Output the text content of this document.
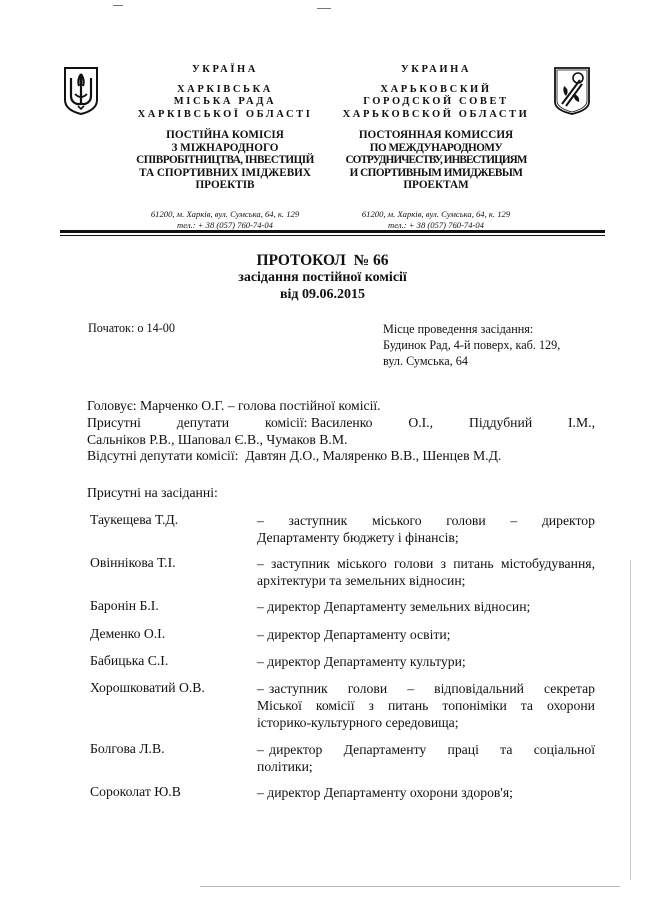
УКРАЇНА
ХАРКІВСЬКА
МІСЬКА РАДА
ХАРКІВСЬКОЇ ОБЛАСТІ
ПОСТІЙНА КОМІСІЯ
З МІЖНАРОДНОГО
СПІВРОБІТНИЦТВА, ІНВЕСТИЦІЙ
ТА СПОРТИВНИХ ІМІДЖЕВИХ
ПРОЕКТІВ
УКРАИНА
ХАРЬКОВСКИЙ
ГОРОДСКОЙ СОВЕТ
ХАРЬКОВСКОЙ ОБЛАСТИ
ПОСТОЯННАЯ КОМИССИЯ
ПО МЕЖДУНАРОДНОМУ
СОТРУДНИЧЕСТВУ, ИНВЕСТИЦИЯМ
И СПОРТИВНЫМ ИМИДЖЕВЫМ
ПРОЕКТАМ
61200, м. Харків, вул. Сумська, 64, к. 129
тел.: + 38 (057) 760-74-04
61200, м. Харків, вул. Сумська, 64, к. 129
тел.: + 38 (057) 760-74-04
ПРОТОКОЛ  № 66
засідання постійної комісії
від 09.06.2015
Початок: о 14-00	Місце проведення засідання:
Будинок Рад, 4-й поверх, каб. 129,
вул. Сумська, 64
Головує: Марченко О.Г. – голова постійної комісії.
Присутні	депутати	комісії: Василенко	О.І.,	Піддубний	І.М.,
Сальніков Р.В., Шаповал Є.В., Чумаков В.М.
Відсутні депутати комісії:  Давтян Д.О., Маляренко В.В., Шенцев М.Д.
Присутні на засіданні:
Таукещева Т.Д.	–    заступник    міського    голови    –    директор
Департаменту бюджету і фінансів;
Овіннікова Т.І.	– заступник міського голови з питань містобудування,
архітектури та земельних відносин;
Баронін Б.І.	– директор Департаменту земельних відносин;
Деменко О.І.	– директор Департаменту освіти;
Бабицька С.І.	– директор Департаменту культури;
Хорошковатий О.В.	– заступник    голови    –    відповідальний    секретар
Міської  комісії  з  питань  топоніміки  та  охорони
історико-культурного середовища;
Болгова Л.В.	– директор    Департаменту    праці    та    соціальної
політики;
Сороколат Ю.В	– директор Департаменту охорони здоров'я;
